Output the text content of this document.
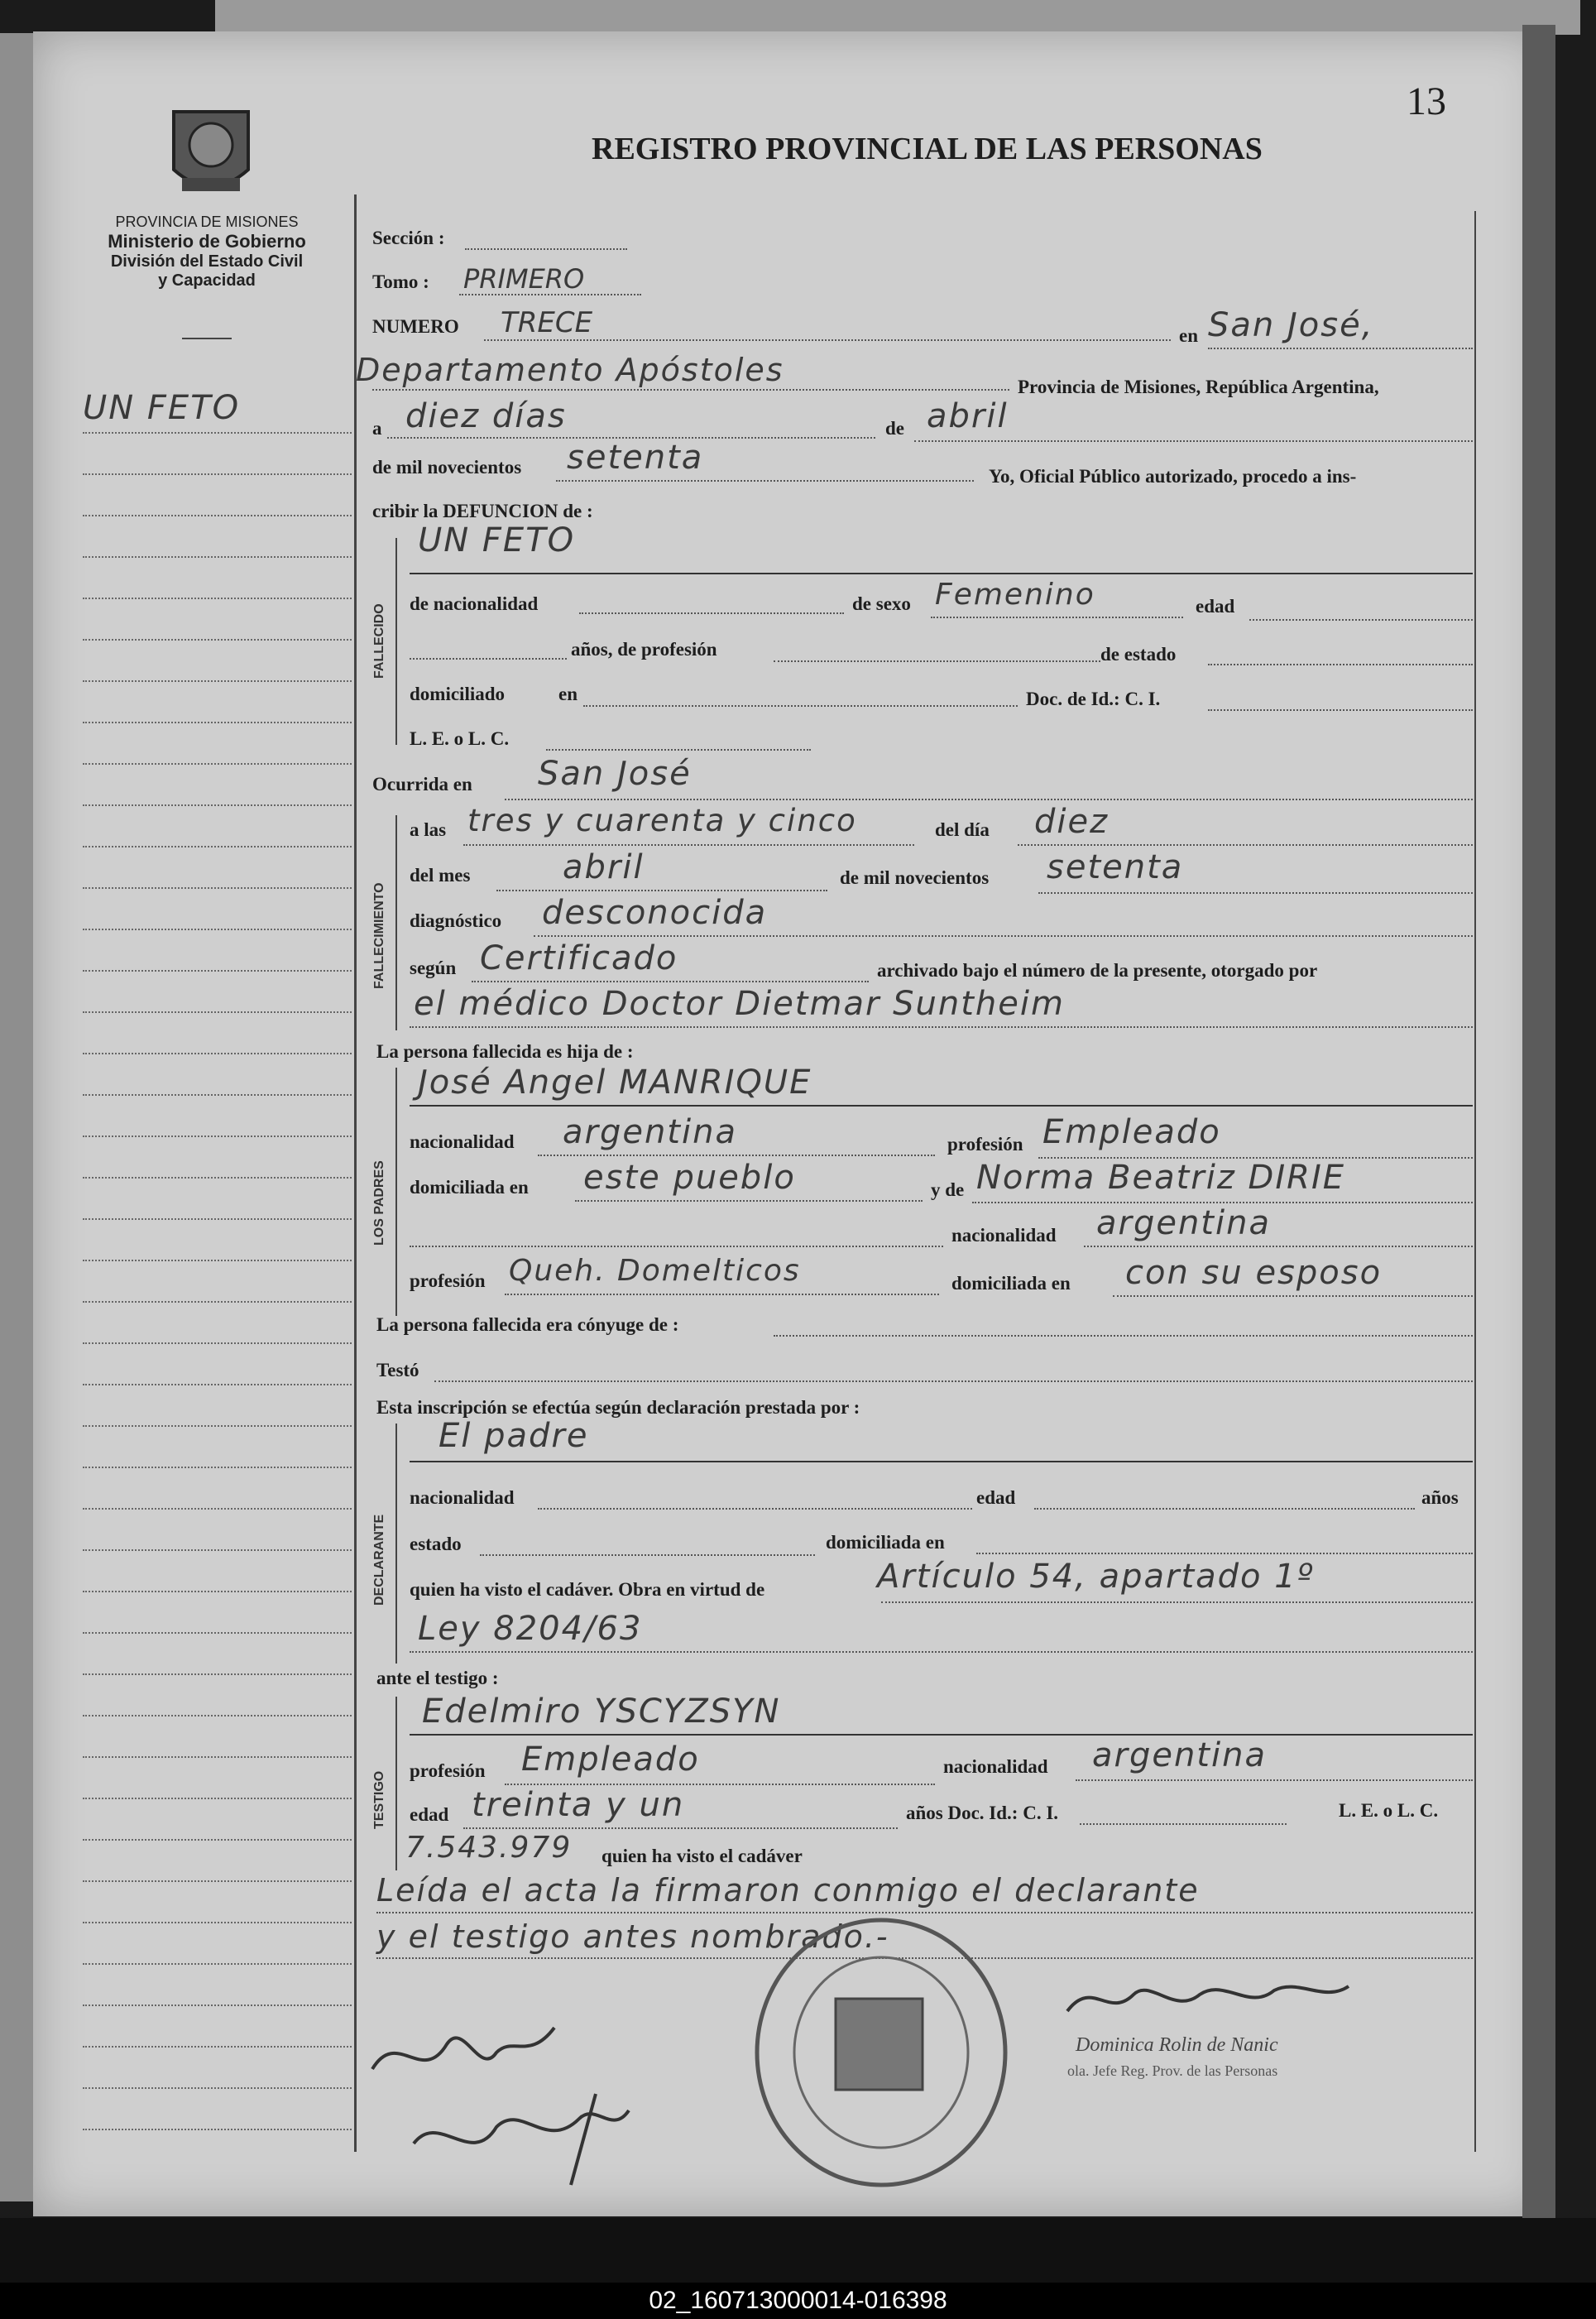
13
REGISTRO PROVINCIAL DE LAS PERSONAS
PROVINCIA DE MISIONES
Ministerio de Gobierno
División del Estado Civil
y Capacidad
UN FETO
Sección :
Tomo : PRIMERO
NUMERO TRECE	en San José,
Departamento Apóstoles	Provincia de Misiones, República Argentina,
a diez días	de abril
de mil novecientos setenta	Yo, Oficial Público autorizado, procedo a ins-
cribir la DEFUNCION de :
FALLECIDO
UN FETO
de nacionalidad	de sexo Femenino	edad
años, de profesión	de estado
domiciliado	en	Doc. de Id.: C. I.
L. E. o L. C.
Ocurrida en San José
FALLECIMIENTO
a las tres y cuarenta y cinco	del día diez
del mes	abril	de mil novecientos setenta
diagnóstico desconocida
según Certificado	archivado bajo el número de la presente, otorgado por
el médico Doctor Dietmar Suntheim
La persona fallecida es hija de :
LOS PADRES
José Angel MANRIQUE
nacionalidad argentina	profesión Empleado
domiciliada en este pueblo	y de Norma Beatriz DIRIE
nacionalidad argentina
profesión Queh. Domelticos	domiciliada en con su esposo
La persona fallecida era cónyuge de :
Testó
Esta inscripción se efectúa según declaración prestada por :
DECLARANTE
El padre
nacionalidad	edad	años
estado	domiciliada en
quien ha visto el cadáver. Obra en virtud de	Artículo 54, apartado 1º
Ley 8204/63
ante el testigo :
TESTIGO
Edelmiro YSCYZSYN
profesión Empleado	nacionalidad argentina
edad treinta y un	años Doc. Id.: C. I.	L. E. o L. C.
7.543.979 quien ha visto el cadáver
Leída el acta la firmaron conmigo el declarante
y el testigo antes nombrado.-
Dominica Rolin de Nanic
ola. Jefe Reg. Prov. de las Personas
02_160713000014-016398
